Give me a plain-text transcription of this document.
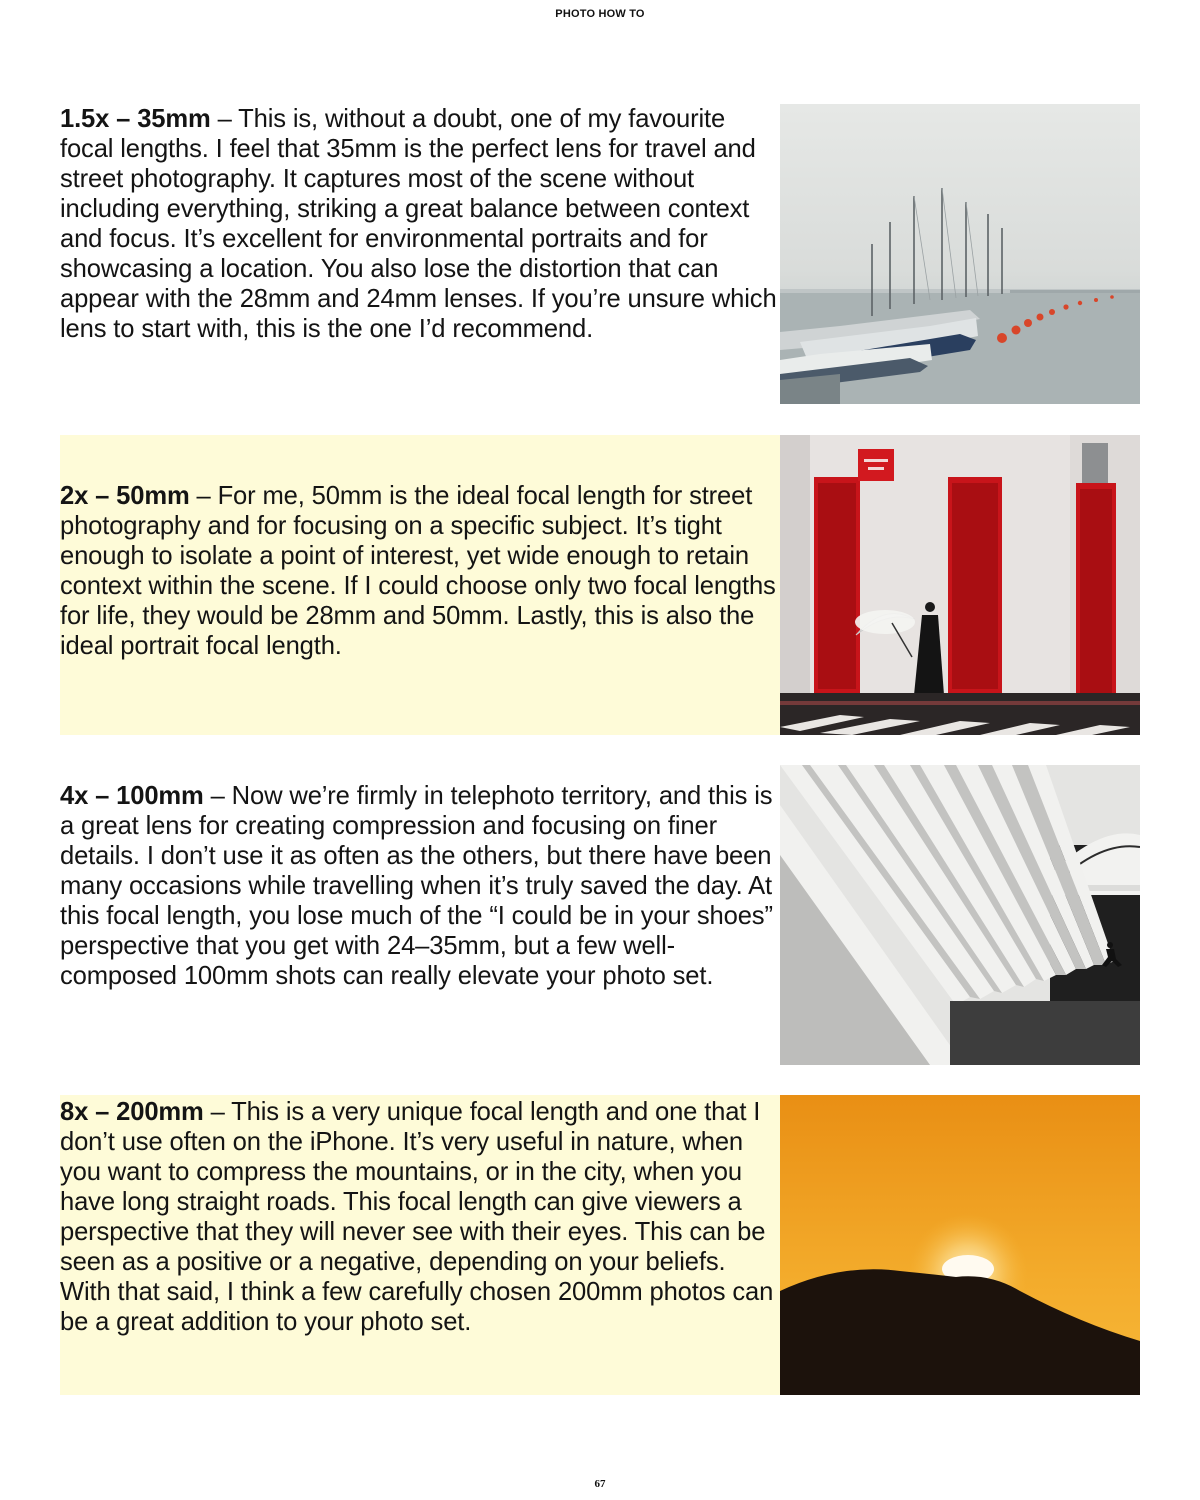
PHOTO HOW TO

1.5x – 35mm – This is, without a doubt, one of my favourite focal lengths. I feel that 35mm is the perfect lens for travel and street photography. It captures most of the scene without including everything, striking a great balance between context and focus. It’s excellent for environmental portraits and for showcasing a location. You also lose the distortion that can appear with the 28mm and 24mm lenses. If you’re unsure which lens to start with, this is the one I’d recommend.

2x – 50mm – For me, 50mm is the ideal focal length for street photography and for focusing on a specific subject. It’s tight enough to isolate a point of interest, yet wide enough to retain context within the scene. If I could choose only two focal lengths for life, they would be 28mm and 50mm. Lastly, this is also the ideal portrait focal length.

4x – 100mm – Now we’re firmly in telephoto territory, and this is a great lens for creating compression and focusing on finer details. I don’t use it as often as the others, but there have been many occasions while travelling when it’s truly saved the day. At this focal length, you lose much of the “I could be in your shoes” perspective that you get with 24–35mm, but a few well-composed 100mm shots can really elevate your photo set.

8x – 200mm – This is a very unique focal length and one that I don’t use often on the iPhone. It’s very useful in nature, when you want to compress the mountains, or in the city, when you have long straight roads. This focal length can give viewers a perspective that they will never see with their eyes. This can be seen as a positive or a negative, depending on your beliefs. With that said, I think a few carefully chosen 200mm photos can be a great addition to your photo set.

67
